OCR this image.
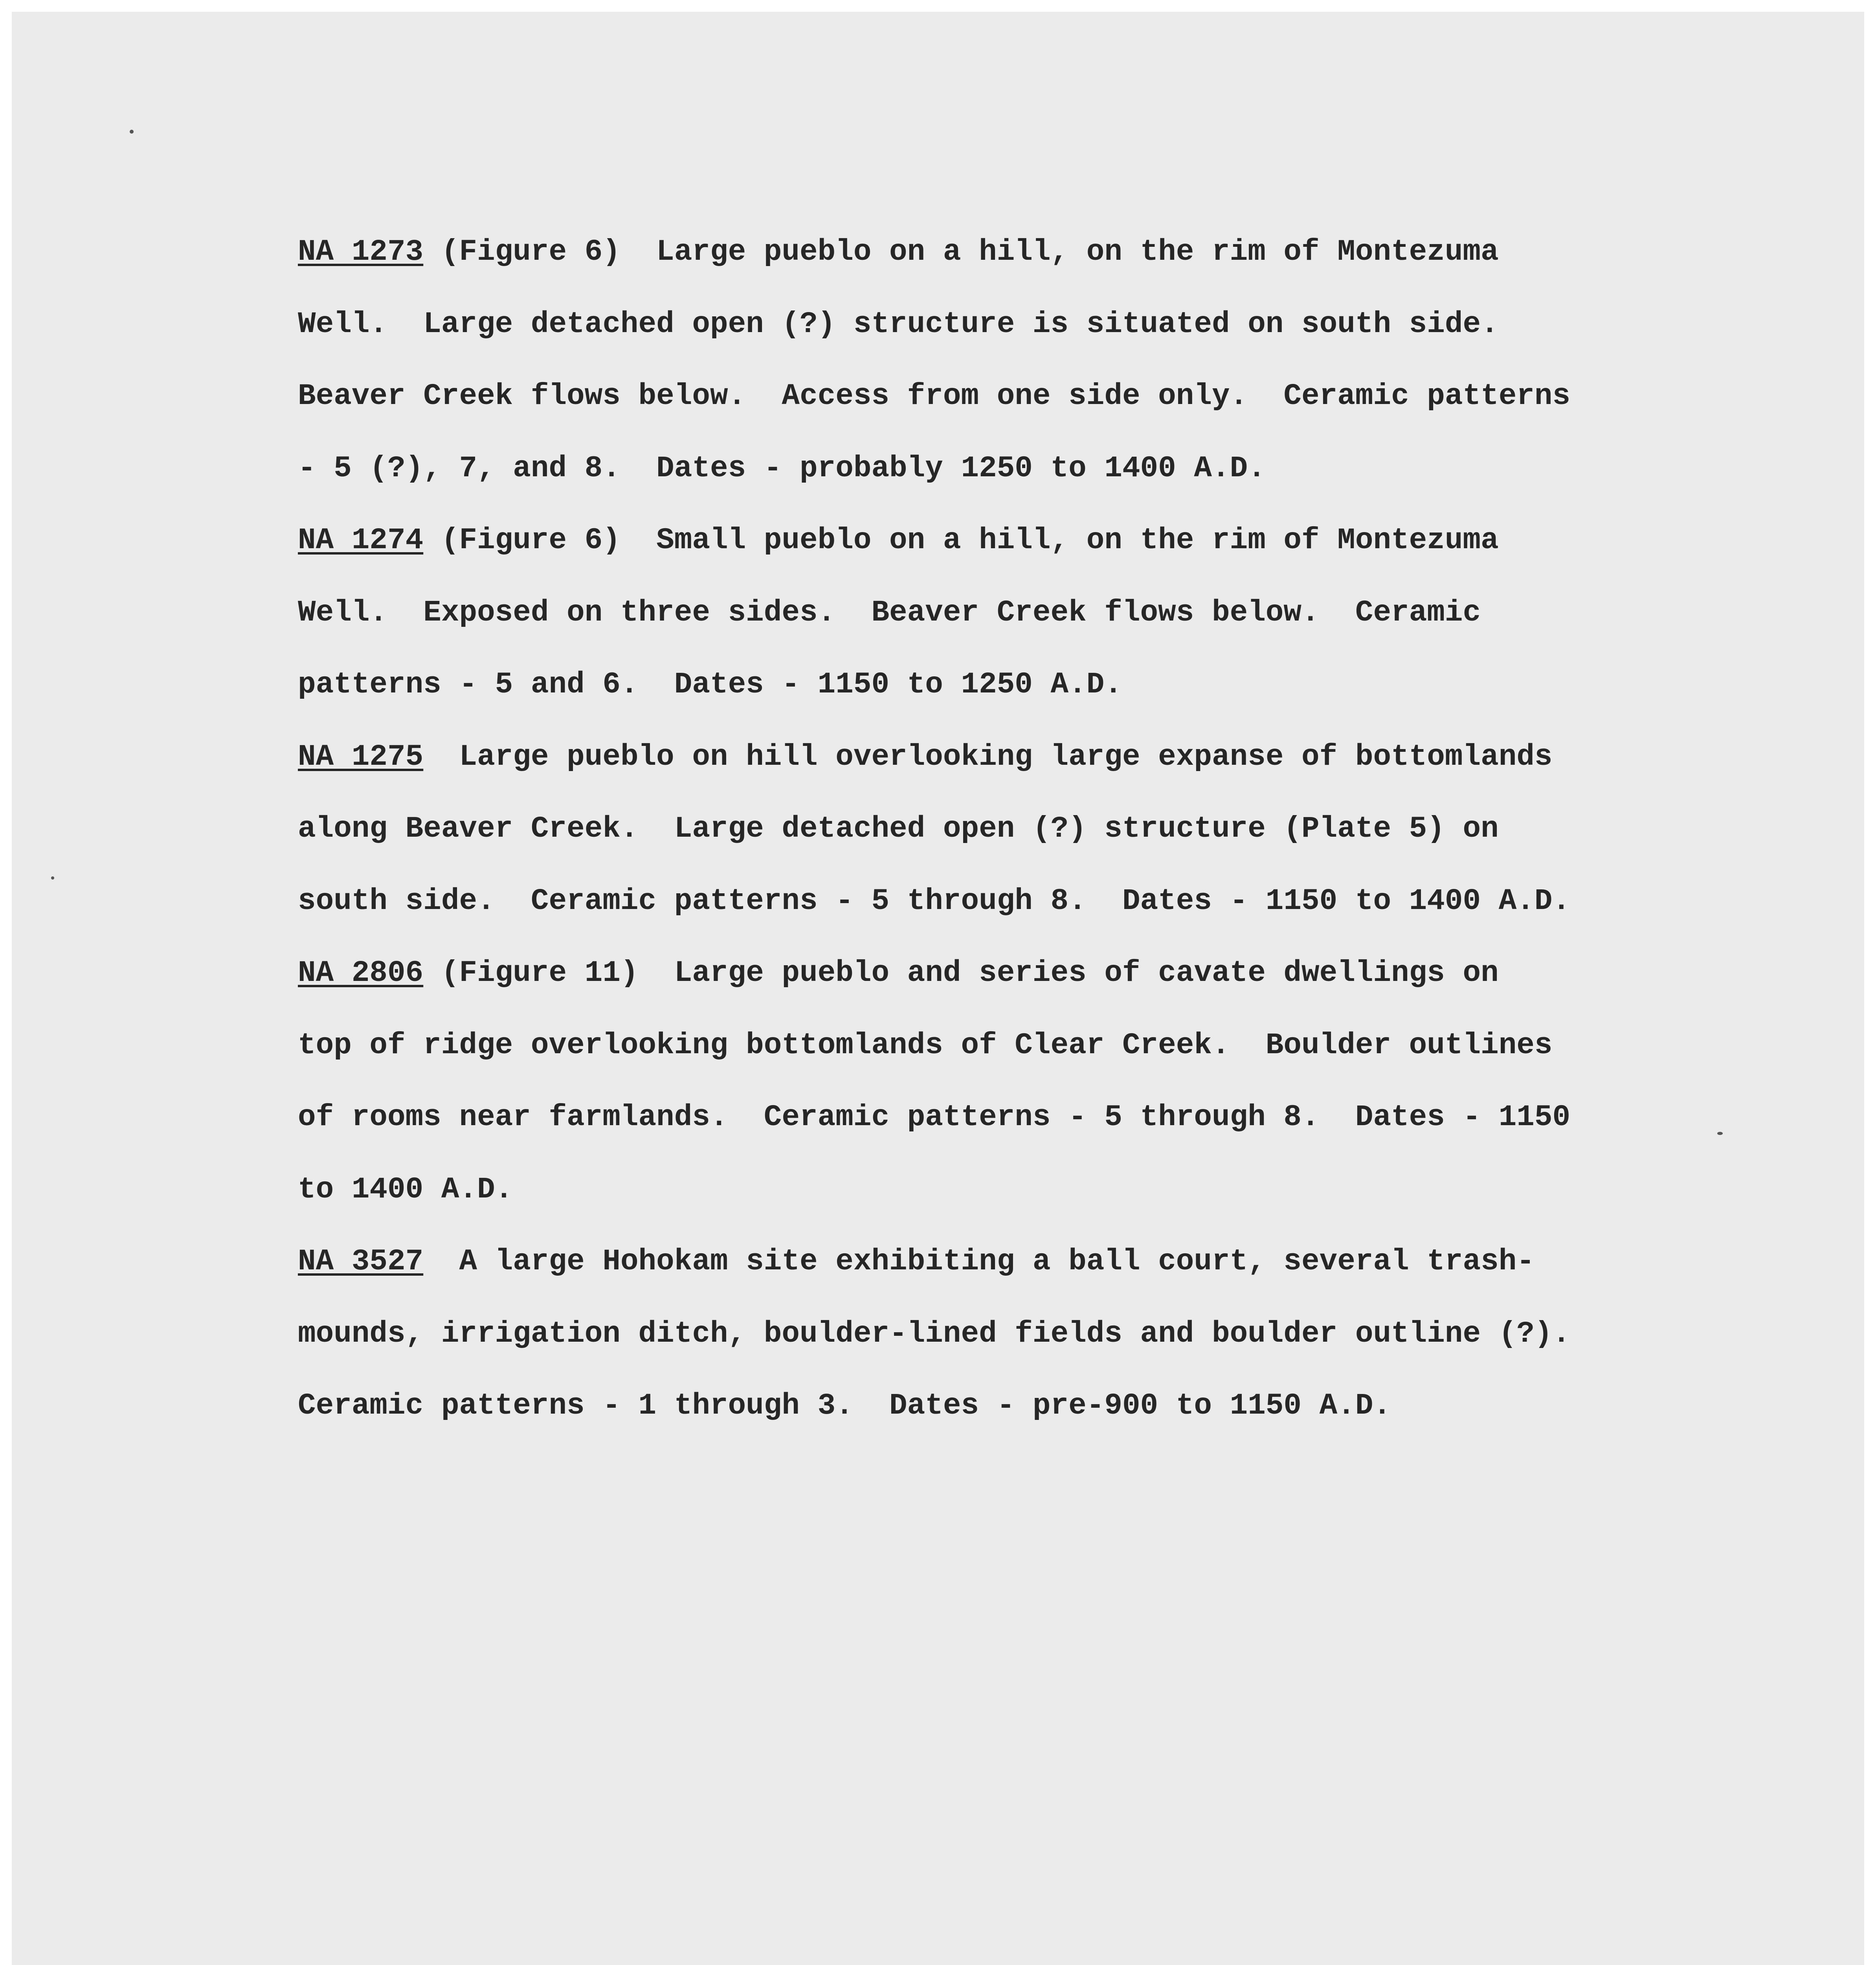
NA 1273 (Figure 6)  Large pueblo on a hill, on the rim of Montezuma
Well.  Large detached open (?) structure is situated on south side.
Beaver Creek flows below.  Access from one side only.  Ceramic patterns
- 5 (?), 7, and 8.  Dates - probably 1250 to 1400 A.D.
NA 1274 (Figure 6)  Small pueblo on a hill, on the rim of Montezuma
Well.  Exposed on three sides.  Beaver Creek flows below.  Ceramic
patterns - 5 and 6.  Dates - 1150 to 1250 A.D.
NA 1275  Large pueblo on hill overlooking large expanse of bottomlands
along Beaver Creek.  Large detached open (?) structure (Plate 5) on
south side.  Ceramic patterns - 5 through 8.  Dates - 1150 to 1400 A.D.
NA 2806 (Figure 11)  Large pueblo and series of cavate dwellings on
top of ridge overlooking bottomlands of Clear Creek.  Boulder outlines
of rooms near farmlands.  Ceramic patterns - 5 through 8.  Dates - 1150
to 1400 A.D.
NA 3527  A large Hohokam site exhibiting a ball court, several trash-
mounds, irrigation ditch, boulder-lined fields and boulder outline (?).
Ceramic patterns - 1 through 3.  Dates - pre-900 to 1150 A.D.
